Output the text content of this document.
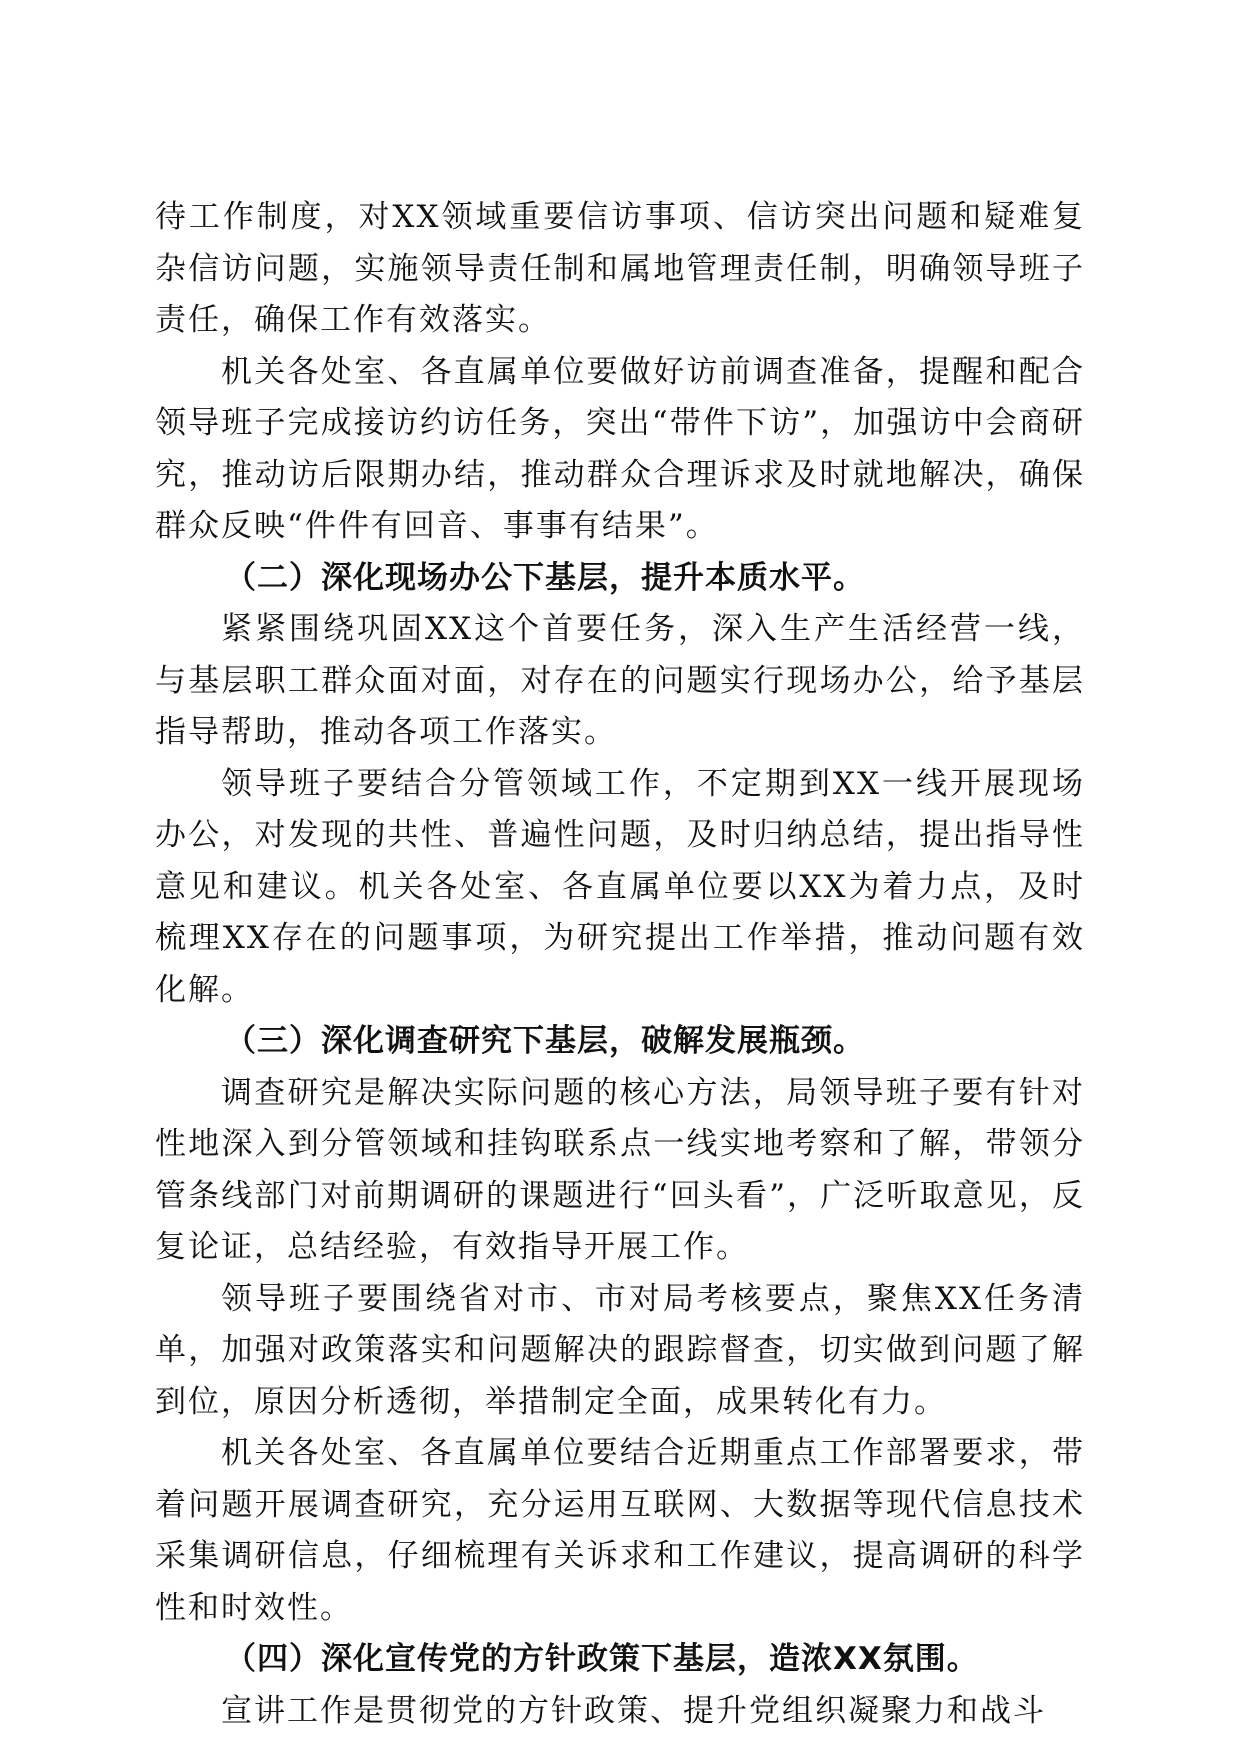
待工作制度，对XX领域重要信访事项、信访突出问题和疑难复杂信访问题，实施领导责任制和属地管理责任制，明确领导班子责任，确保工作有效落实。

机关各处室、各直属单位要做好访前调查准备，提醒和配合领导班子完成接访约访任务，突出“带件下访”，加强访中会商研究，推动访后限期办结，推动群众合理诉求及时就地解决，确保群众反映“件件有回音、事事有结果”。

（二）深化现场办公下基层，提升本质水平。

紧紧围绕巩固XX这个首要任务，深入生产生活经营一线，与基层职工群众面对面，对存在的问题实行现场办公，给予基层指导帮助，推动各项工作落实。

领导班子要结合分管领域工作，不定期到XX一线开展现场办公，对发现的共性、普遍性问题，及时归纳总结，提出指导性意见和建议。机关各处室、各直属单位要以XX为着力点，及时梳理XX存在的问题事项，为研究提出工作举措，推动问题有效化解。

（三）深化调查研究下基层，破解发展瓶颈。

调查研究是解决实际问题的核心方法，局领导班子要有针对性地深入到分管领域和挂钩联系点一线实地考察和了解，带领分管条线部门对前期调研的课题进行“回头看”，广泛听取意见，反复论证，总结经验，有效指导开展工作。

领导班子要围绕省对市、市对局考核要点，聚焦XX任务清单，加强对政策落实和问题解决的跟踪督查，切实做到问题了解到位，原因分析透彻，举措制定全面，成果转化有力。

机关各处室、各直属单位要结合近期重点工作部署要求，带着问题开展调查研究，充分运用互联网、大数据等现代信息技术采集调研信息，仔细梳理有关诉求和工作建议，提高调研的科学性和时效性。

（四）深化宣传党的方针政策下基层，造浓XX氛围。

宣讲工作是贯彻党的方针政策、提升党组织凝聚力和战斗
